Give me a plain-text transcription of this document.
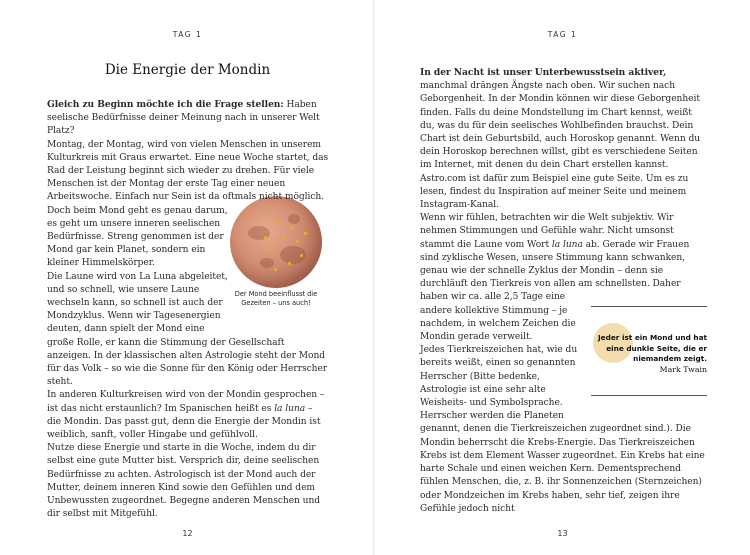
TAG 1
Die Energie der Mondin
Der Mond beeinflusst die Gezeiten – uns auch!

Gleich zu Beginn möchte ich die Frage stellen: Haben seelische Bedürfnisse deiner Meinung nach in unserer Welt Platz?

Montag, der Montag, wird von vielen Menschen in unserem Kulturkreis mit Graus erwartet. Eine neue Woche startet, das Rad der Leistung beginnt sich wieder zu drehen. Für viele Menschen ist der Montag der erste Tag einer neuen Arbeitswoche. Einfach nur Sein ist da oftmals nicht möglich. Doch beim Mond geht es genau darum, es geht um unsere inneren seelischen Bedürfnisse. Streng genommen ist der Mond gar kein Planet, sondern ein kleiner Himmelskörper.

Die Laune wird von La Luna abgeleitet, und so schnell, wie unsere Laune wechseln kann, so schnell ist auch der Mondzyklus. Wenn wir Tagesenergien deuten, dann spielt der Mond eine große Rolle, er kann die Stimmung der Gesellschaft anzeigen. In der klassischen alten Astrologie steht der Mond für das Volk – so wie die Sonne für den König oder Herrscher steht.

In anderen Kulturkreisen wird von der Mondin gesprochen – ist das nicht erstaunlich? Im Spanischen heißt es la luna – die Mondin. Das passt gut, denn die Energie der Mondin ist weiblich, sanft, voller Hingabe und gefühlvoll.

Nutze diese Energie und starte in die Woche, indem du dir selbst eine gute Mutter bist. Versprich dir, deine seelischen Bedürfnisse zu achten. Astrologisch ist der Mond auch der Mutter, deinem inneren Kind sowie den Gefühlen und dem Unbewussten zugeordnet. Begegne anderen Menschen und dir selbst mit Mitgefühl.

12
TAG 1
Jeder ist ein Mond und hat eine dunkle Seite, die er niemandem zeigt.
Mark Twain

In der Nacht ist unser Unterbewusstsein aktiver, manchmal drängen Ängste nach oben. Wir suchen nach Geborgenheit. In der Mondin können wir diese Geborgenheit finden. Falls du deine Mondstellung im Chart kennst, weißt du, was du für dein seelisches Wohlbefinden brauchst. Dein Chart ist dein Geburtsbild, auch Horoskop genannt. Wenn du dein Horoskop berechnen willst, gibt es verschiedene Seiten im Internet, mit denen du dein Chart erstellen kannst. Astro.com ist dafür zum Beispiel eine gute Seite. Um es zu lesen, findest du Inspiration auf meiner Seite und meinem Instagram-Kanal.

Wenn wir fühlen, betrachten wir die Welt subjektiv. Wir nehmen Stimmungen und Gefühle wahr. Nicht umsonst stammt die Laune vom Wort la luna ab. Gerade wir Frauen sind zyklische Wesen, unsere Stimmung kann schwanken, genau wie der schnelle Zyklus der Mondin – denn sie durchläuft den Tierkreis von allen am schnellsten. Daher haben wir ca. alle 2,5 Tage eine andere kollektive Stimmung – je nachdem, in welchem Zeichen die Mondin gerade verweilt.

Jedes Tierkreiszeichen hat, wie du bereits weißt, einen so genannten Herrscher (Bitte bedenke, Astrologie ist eine sehr alte Weisheits- und Symbolsprache. Herrscher werden die Planeten genannt, denen die Tierkreiszeichen zugeordnet sind.). Die Mondin beherrscht die Krebs-Energie. Das Tierkreiszeichen Krebs ist dem Element Wasser zugeordnet. Ein Krebs hat eine harte Schale und einen weichen Kern. Dementsprechend fühlen Menschen, die, z. B. ihr Sonnenzeichen (Sternzeichen) oder Mondzeichen im Krebs haben, sehr tief, zeigen ihre Gefühle jedoch nicht

13
